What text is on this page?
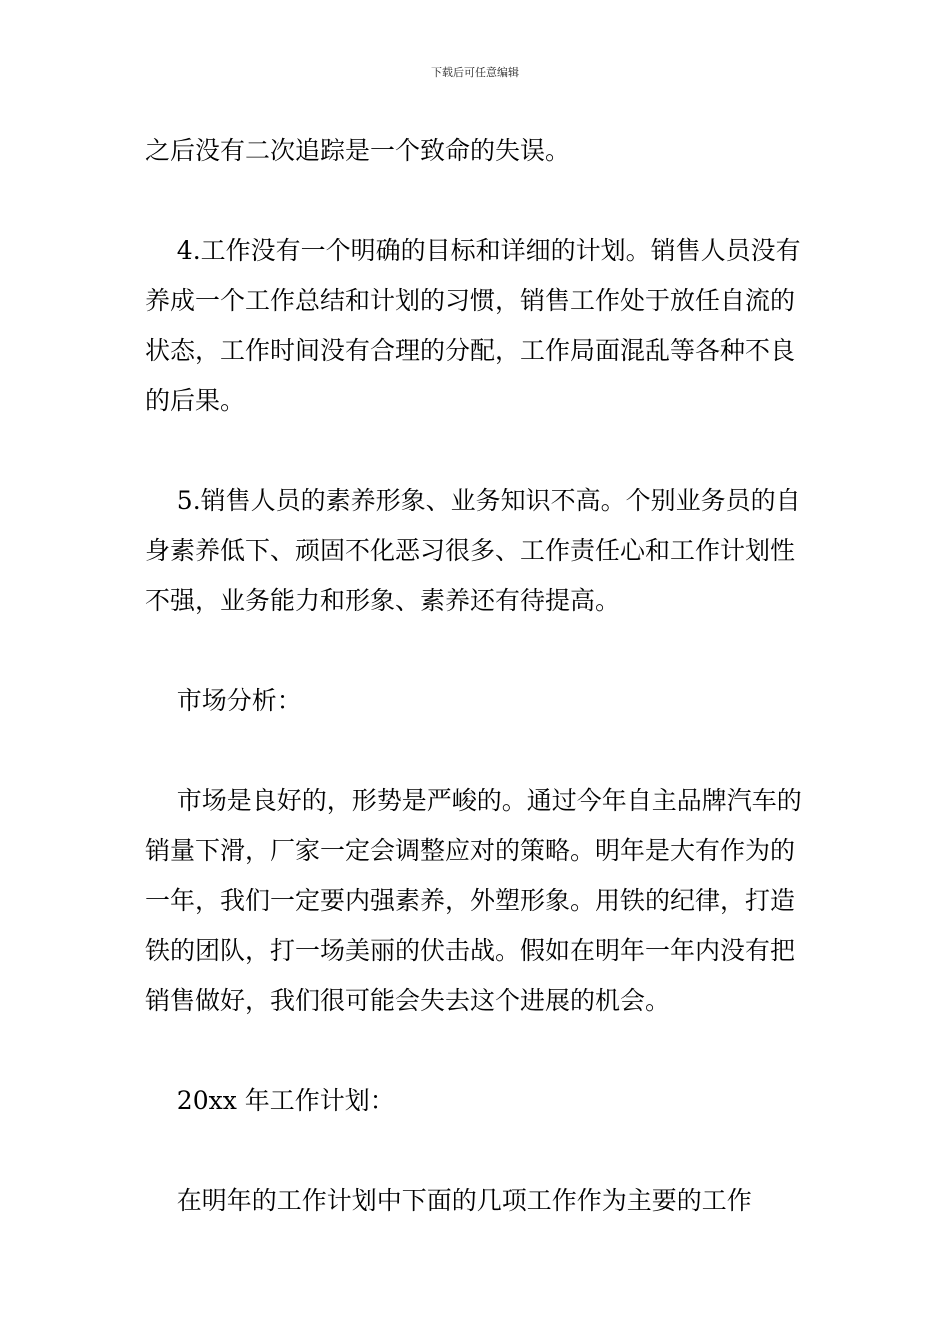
下载后可任意编辑

之后没有二次追踪是一个致命的失误。

4.工作没有一个明确的目标和详细的计划。销售人员没有养成一个工作总结和计划的习惯，销售工作处于放任自流的状态，工作时间没有合理的分配，工作局面混乱等各种不良的后果。

5.销售人员的素养形象、业务知识不高。个别业务员的自身素养低下、顽固不化恶习很多、工作责任心和工作计划性不强，业务能力和形象、素养还有待提高。

市场分析：

市场是良好的，形势是严峻的。通过今年自主品牌汽车的销量下滑，厂家一定会调整应对的策略。明年是大有作为的一年，我们一定要内强素养，外塑形象。用铁的纪律，打造铁的团队，打一场美丽的伏击战。假如在明年一年内没有把销售做好，我们很可能会失去这个进展的机会。

20xx 年工作计划：

在明年的工作计划中下面的几项工作作为主要的工作
